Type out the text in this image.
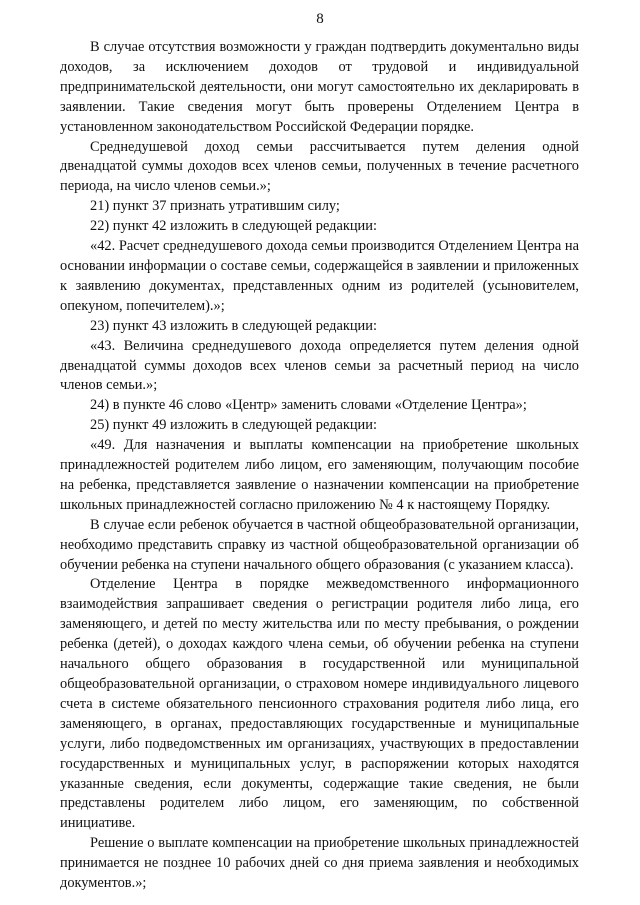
8

В случае отсутствия возможности у граждан подтвердить документально виды доходов, за исключением доходов от трудовой и индивидуальной предпринимательской деятельности, они могут самостоятельно их декларировать в заявлении. Такие сведения могут быть проверены Отделением Центра в установленном законодательством Российской Федерации порядке.

Среднедушевой доход семьи рассчитывается путем деления одной двенадцатой суммы доходов всех членов семьи, полученных в течение расчетного периода, на число членов семьи.»;

21) пункт 37 признать утратившим силу;

22) пункт 42 изложить в следующей редакции:

«42. Расчет среднедушевого дохода семьи производится Отделением Центра на основании информации о составе семьи, содержащейся в заявлении и приложенных к заявлению документах, представленных одним из родителей (усыновителем, опекуном, попечителем).»;

23) пункт 43 изложить в следующей редакции:

«43. Величина среднедушевого дохода определяется путем деления одной двенадцатой суммы доходов всех членов семьи за расчетный период на число членов семьи.»;

24) в пункте 46 слово «Центр» заменить словами «Отделение Центра»;

25) пункт 49 изложить в следующей редакции:

«49. Для назначения и выплаты компенсации на приобретение школьных принадлежностей родителем либо лицом, его заменяющим, получающим пособие на ребенка, представляется заявление о назначении компенсации на приобретение школьных принадлежностей согласно приложению № 4 к настоящему Порядку.

В случае если ребенок обучается в частной общеобразовательной организации, необходимо представить справку из частной общеобразовательной организации об обучении ребенка на ступени начального общего образования (с указанием класса).

Отделение Центра в порядке межведомственного информационного взаимодействия запрашивает сведения о регистрации родителя либо лица, его заменяющего, и детей по месту жительства или по месту пребывания, о рождении ребенка (детей), о доходах каждого члена семьи, об обучении ребенка на ступени начального общего образования в государственной или муниципальной общеобразовательной организации, о страховом номере индивидуального лицевого счета в системе обязательного пенсионного страхования родителя либо лица, его заменяющего, в органах, предоставляющих государственные и муниципальные услуги, либо подведомственных им организациях, участвующих в предоставлении государственных и муниципальных услуг, в распоряжении которых находятся указанные сведения, если документы, содержащие такие сведения, не были представлены родителем либо лицом, его заменяющим, по собственной инициативе.

Решение о выплате компенсации на приобретение школьных принадлежностей принимается не позднее 10 рабочих дней со дня приема заявления и необходимых документов.»;
